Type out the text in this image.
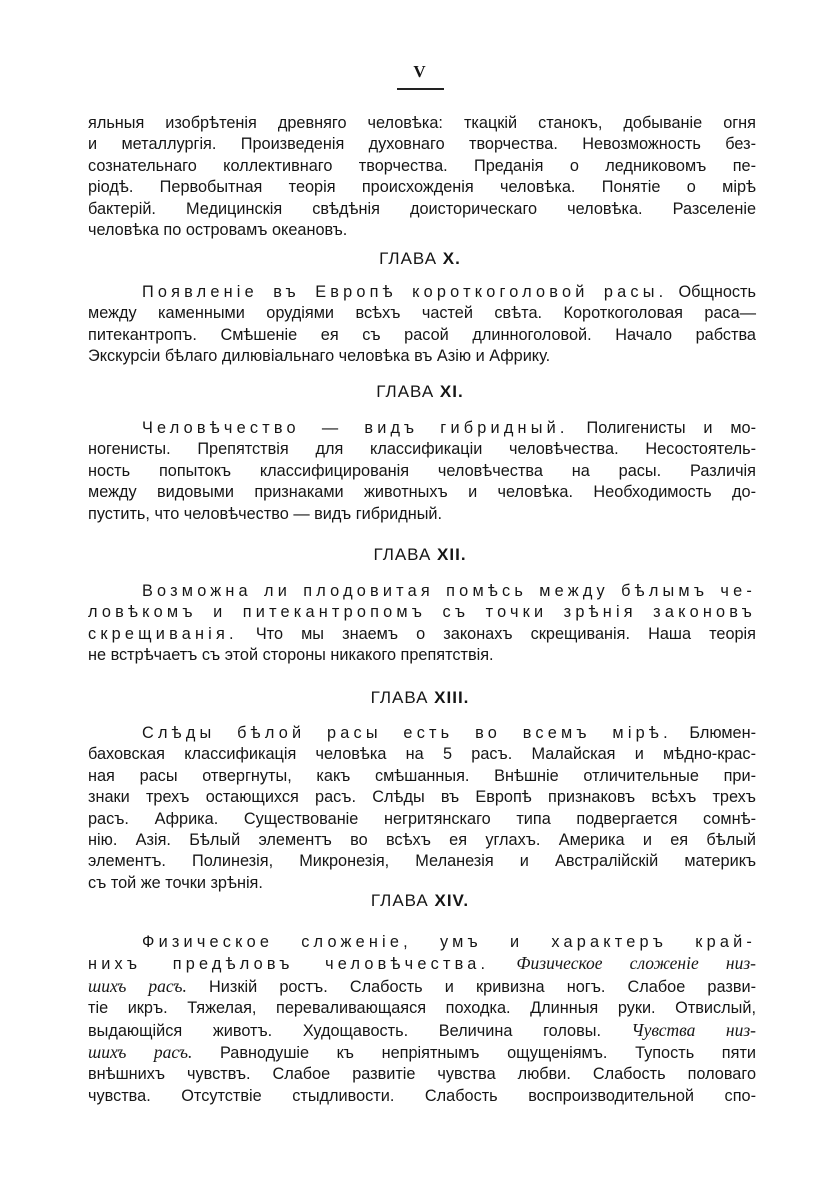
V
яльныя изобрѣтенія древняго человѣка: ткацкій станокъ, добываніе огня
и металлургія. Произведенія духовнаго творчества. Невозможность без-
сознательнаго коллективнаго творчества. Преданія о ледниковомъ пе-
ріодѣ. Первобытная теорія происхожденія человѣка. Понятіе о мірѣ
бактерій. Медицинскія свѣдѣнія доисторическаго человѣка. Разселеніе
человѣка по островамъ океановъ.
ГЛАВА X.
Появленіе въ Европѣ короткоголовой расы. Общность
между каменными орудіями всѣхъ частей свѣта. Короткоголовая раса—
питекантропъ. Смѣшеніе ея съ расой длинноголовой. Начало рабства
Экскурсіи бѣлаго дилювіальнаго человѣка въ Азію и Африку.
ГЛАВА XI.
Человѣчество — видъ гибридный. Полигенисты и мо-
ногенисты. Препятствія для классификаціи человѣчества. Несостоятель-
ность попытокъ классифицированія человѣчества на расы. Различія
между видовыми признаками животныхъ и человѣка. Необходимость до-
пустить, что человѣчество — видъ гибридный.
ГЛАВА XII.
Возможна ли плодовитая помѣсь между бѣлымъ че-
ловѣкомъ и питекантропомъ съ точки зрѣнія законовъ
скрещиванія. Что мы знаемъ о законахъ скрещиванія. Наша теорія
не встрѣчаетъ съ этой стороны никакого препятствія.
ГЛАВА XIII.
Слѣды бѣлой расы есть во всемъ мірѣ. Блюмен-
баховская классификація человѣка на 5 расъ. Малайская и мѣдно-крас-
ная расы отвергнуты, какъ смѣшанныя. Внѣшніе отличительные при-
знаки трехъ остающихся расъ. Слѣды въ Европѣ признаковъ всѣхъ трехъ
расъ. Африка. Существованіе негритянскаго типа подвергается сомнѣ-
нію. Азія. Бѣлый элементъ во всѣхъ ея углахъ. Америка и ея бѣлый
элементъ. Полинезія, Микронезія, Меланезія и Австралійскій материкъ
съ той же точки зрѣнія.
ГЛАВА XIV.
Физическое сложеніе, умъ и характеръ край-
нихъ предѣловъ человѣчества. Физическое сложеніе низ-
шихъ расъ. Низкій ростъ. Слабость и кривизна ногъ. Слабое разви-
тіе икръ. Тяжелая, переваливающаяся походка. Длинныя руки. Отвислый,
выдающійся животъ. Худощавость. Величина головы. Чувства низ-
шихъ расъ. Равнодушіе къ непріятнымъ ощущеніямъ. Тупость пяти
внѣшнихъ чувствъ. Слабое развитіе чувства любви. Слабость половаго
чувства. Отсутствіе стыдливости. Слабость воспроизводительной спо-
